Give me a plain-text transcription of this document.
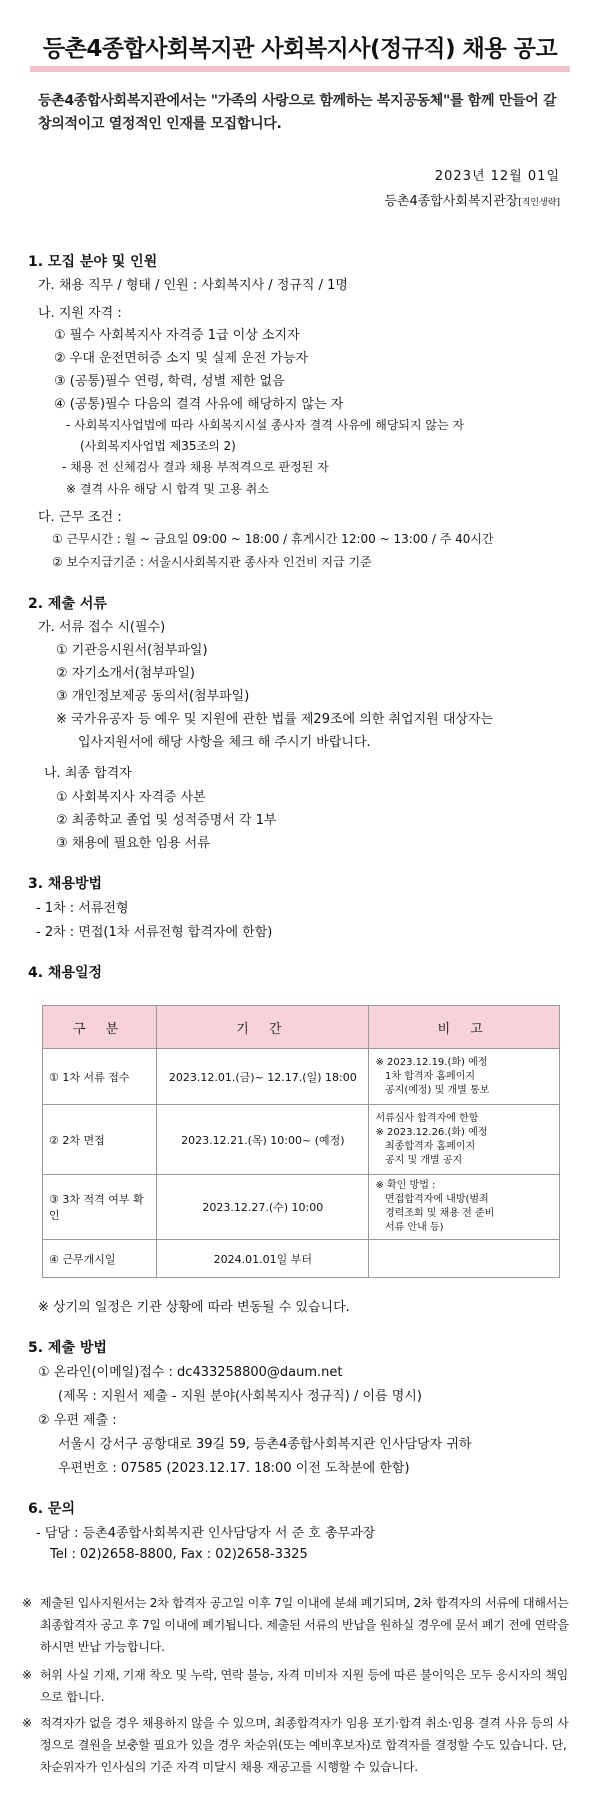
등촌4종합사회복지관 사회복지사(정규직) 채용 공고
등촌4종합사회복지관에서는 "가족의 사랑으로 함께하는 복지공동체"를 함께 만들어 갈 창의적이고 열정적인 인재를 모집합니다.
2023년 12월 01일
등촌4종합사회복지관장[직인생략]
1. 모집 분야 및 인원
가. 채용 직무 / 형태 / 인원 : 사회복지사 / 정규직 / 1명
나. 지원 자격 :
① 필수 사회복지사 자격증 1급 이상 소지자
② 우대 운전면허증 소지 및 실제 운전 가능자
③ (공통)필수 연령, 학력, 성별 제한 없음
④ (공통)필수 다음의 결격 사유에 해당하지 않는 자
- 사회복지사업법에 따라 사회복지시설 종사자 결격 사유에 해당되지 않는 자
(사회복지사업법 제35조의 2)
- 채용 전 신체검사 결과 채용 부적격으로 판정된 자
※ 결격 사유 해당 시 합격 및 고용 취소
다. 근무 조건 :
① 근무시간 : 월 ~ 금요일 09:00 ~ 18:00 / 휴게시간 12:00 ~ 13:00 / 주 40시간
② 보수지급기준 : 서울시사회복지관 종사자 인건비 지급 기준
2. 제출 서류
가. 서류 접수 시(필수)
① 기관응시원서(첨부파일)
② 자기소개서(첨부파일)
③ 개인정보제공 동의서(첨부파일)
※ 국가유공자 등 예우 및 지원에 관한 법률 제29조에 의한 취업지원 대상자는
입사지원서에 해당 사항을 체크 해 주시기 바랍니다.
나. 최종 합격자
① 사회복지사 자격증 사본
② 최종학교 졸업 및 성적증명서 각 1부
③ 채용에 필요한 임용 서류
3. 채용방법
- 1차 : 서류전형
- 2차 : 면접(1차 서류전형 합격자에 한함)
4. 채용일정
구 분	기 간	비 고
① 1차 서류 접수	2023.12.01.(금)~ 12.17.(일) 18:00	※ 2023.12.19.(화) 예정
1차 합격자 홈페이지
공지(예정) 및 개별 통보
② 2차 면접	2023.12.21.(목) 10:00~ (예정)	서류심사 합격자에 한함
※ 2023.12.26.(화) 예정
최종합격자 홈페이지
공지 및 개별 공지
③ 3차 적격 여부 확인	2023.12.27.(수) 10:00	※ 확인 방법 :
면접합격자에 내방(범죄
경력조회 및 채용 전 준비
서류 안내 등)
④ 근무개시일	2024.01.01일 부터	
※ 상기의 일정은 기관 상황에 따라 변동될 수 있습니다.
5. 제출 방법
① 온라인(이메일)접수 : dc433258800@daum.net
(제목 : 지원서 제출 - 지원 분야(사회복지사 정규직) / 이름 명시)
② 우편 제출 :
서울시 강서구 공항대로 39길 59, 등촌4종합사회복지관 인사담당자 귀하
우편번호 : 07585 (2023.12.17. 18:00 이전 도착분에 한함)
6. 문의
- 담당 : 등촌4종합사회복지관 인사담당자 서 준 호 총무과장
Tel : 02)2658-8800, Fax : 02)2658-3325
※ 제출된 입사지원서는 2차 합격자 공고일 이후 7일 이내에 분쇄 폐기되며, 2차 합격자의 서류에 대해서는 최종합격자 공고 후 7일 이내에 폐기됩니다. 제출된 서류의 반납을 원하실 경우에 문서 폐기 전에 연락을 하시면 반납 가능합니다.
※ 허위 사실 기재, 기재 착오 및 누락, 연락 불능, 자격 미비자 지원 등에 따른 불이익은 모두 응시자의 책임으로 합니다.
※ 적격자가 없을 경우 채용하지 않을 수 있으며, 최종합격자가 임용 포기·합격 취소·임용 결격 사유 등의 사정으로 결원을 보충할 필요가 있을 경우 차순위(또는 예비후보자)로 합격자를 결정할 수도 있습니다. 단, 차순위자가 인사심의 기준 자격 미달시 채용 재공고를 시행할 수 있습니다.
